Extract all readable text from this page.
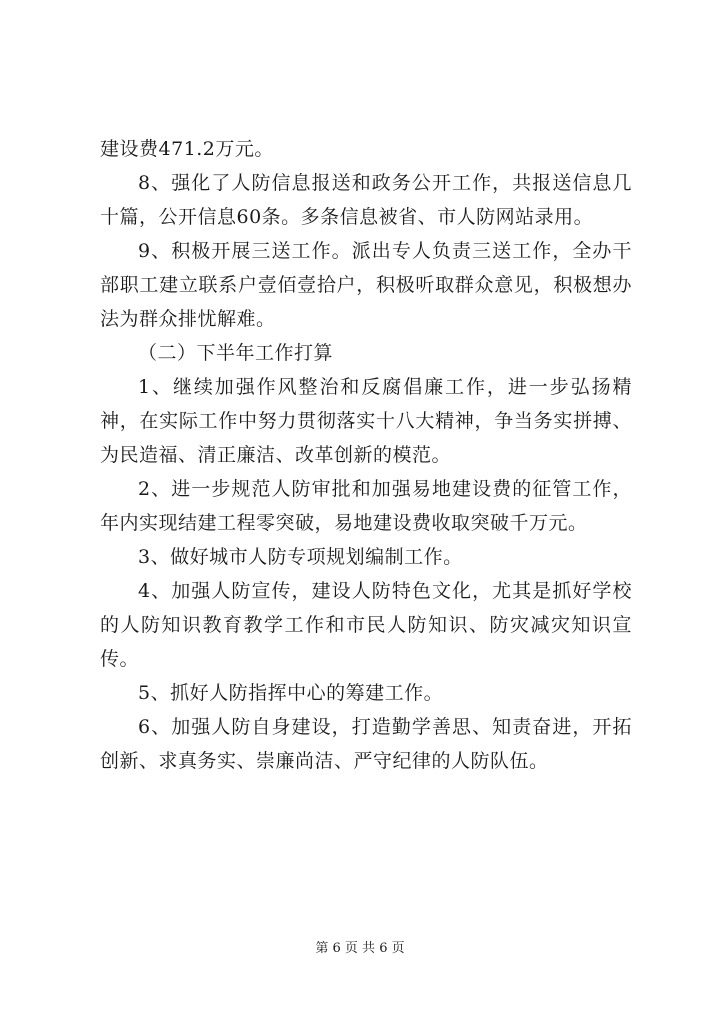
建设费471.2万元。

8、强化了人防信息报送和政务公开工作，共报送信息几十篇，公开信息60条。多条信息被省、市人防网站录用。

9、积极开展三送工作。派出专人负责三送工作，全办干部职工建立联系户壹佰壹拾户，积极听取群众意见，积极想办法为群众排忧解难。

（二）下半年工作打算

1、继续加强作风整治和反腐倡廉工作，进一步弘扬精神，在实际工作中努力贯彻落实十八大精神，争当务实拼搏、为民造福、清正廉洁、改革创新的模范。

2、进一步规范人防审批和加强易地建设费的征管工作，年内实现结建工程零突破，易地建设费收取突破千万元。

3、做好城市人防专项规划编制工作。

4、加强人防宣传，建设人防特色文化，尤其是抓好学校的人防知识教育教学工作和市民人防知识、防灾减灾知识宣传。

5、抓好人防指挥中心的筹建工作。

6、加强人防自身建设，打造勤学善思、知责奋进，开拓创新、求真务实、崇廉尚洁、严守纪律的人防队伍。

第 6 页 共 6 页
